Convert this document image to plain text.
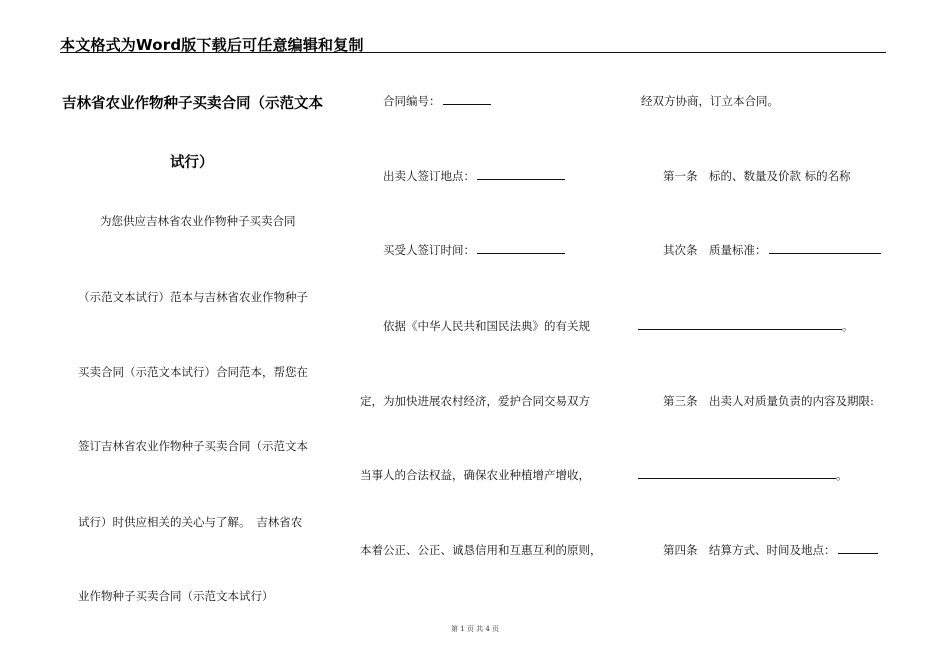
本文格式为Word版下载后可任意编辑和复制
吉林省农业作物种子买卖合同（示范文本
试行）
为您供应吉林省农业作物种子买卖合同
（示范文本试行）范本与吉林省农业作物种子
买卖合同（示范文本试行）合同范本，帮您在
签订吉林省农业作物种子买卖合同（示范文本
试行）时供应相关的关心与了解。　吉林省农
业作物种子买卖合同（示范文本试行）
合同编号：
出卖人签订地点：
买受人签订时间：
依据《中华人民共和国民法典》的有关规
定，为加快进展农村经济，爱护合同交易双方
当事人的合法权益，确保农业种植增产增收，
本着公正、公正、诚恳信用和互惠互利的原则，
经双方协商，订立本合同。
第一条　标的、数量及价款 标的名称
其次条　质量标准：
。
第三条　出卖人对质量负责的内容及期限:
。
第四条　结算方式、时间及地点：
第 1 页 共 4 页
